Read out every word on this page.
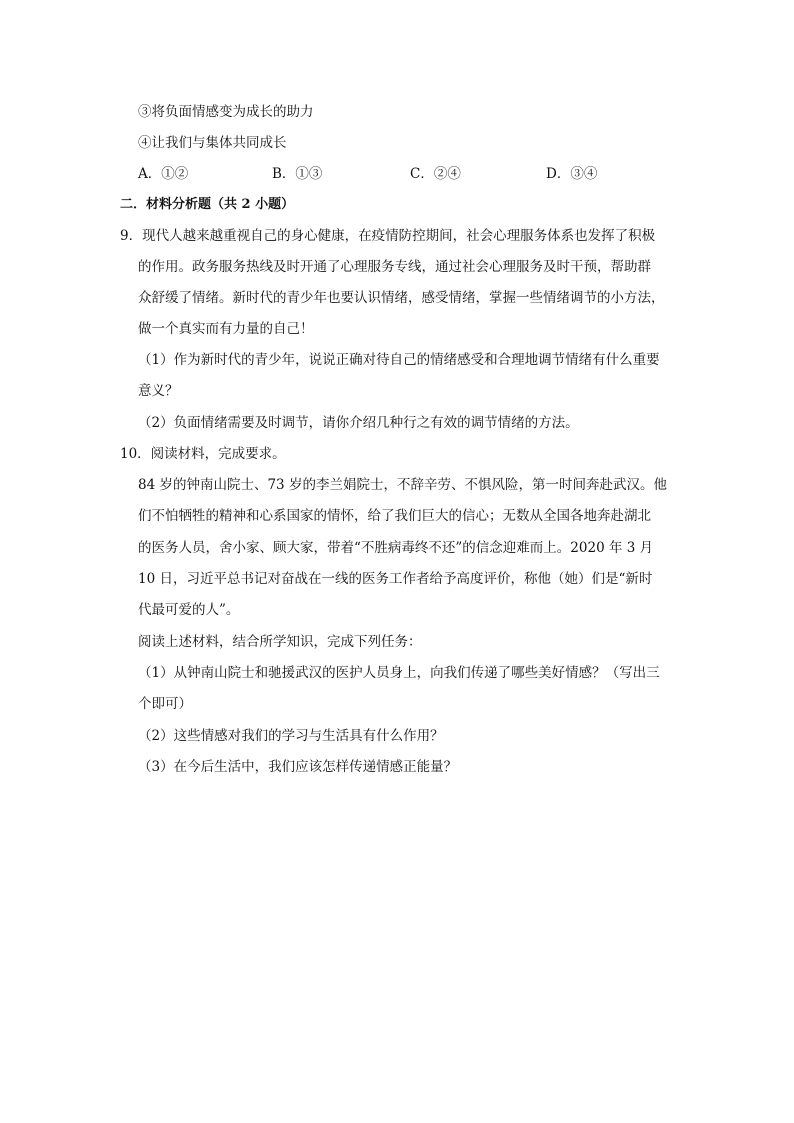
③将负面情感变为成长的助力
④让我们与集体共同成长
A．①②	B．①③	C．②④	D．③④
二．材料分析题（共 2 小题）
9．现代人越来越重视自己的身心健康，在疫情防控期间，社会心理服务体系也发挥了积极
的作用。政务服务热线及时开通了心理服务专线，通过社会心理服务及时干预，帮助群
众舒缓了情绪。新时代的青少年也要认识情绪，感受情绪，掌握一些情绪调节的小方法，
做一个真实而有力量的自己！
（1）作为新时代的青少年，说说正确对待自己的情绪感受和合理地调节情绪有什么重要
意义？
（2）负面情绪需要及时调节，请你介绍几种行之有效的调节情绪的方法。
10．阅读材料，完成要求。
84 岁的钟南山院士、73 岁的李兰娟院士，不辞辛劳、不惧风险，第一时间奔赴武汉。他
们不怕牺牲的精神和心系国家的情怀，给了我们巨大的信心；无数从全国各地奔赴湖北
的医务人员，舍小家、顾大家，带着“不胜病毒终不还”的信念迎难而上。2020 年 3 月
10 日，习近平总书记对奋战在一线的医务工作者给予高度评价，称他（她）们是“新时
代最可爱的人”。
阅读上述材料，结合所学知识，完成下列任务：
（1）从钟南山院士和驰援武汉的医护人员身上，向我们传递了哪些美好情感？（写出三
个即可）
（2）这些情感对我们的学习与生活具有什么作用？
（3）在今后生活中，我们应该怎样传递情感正能量？
